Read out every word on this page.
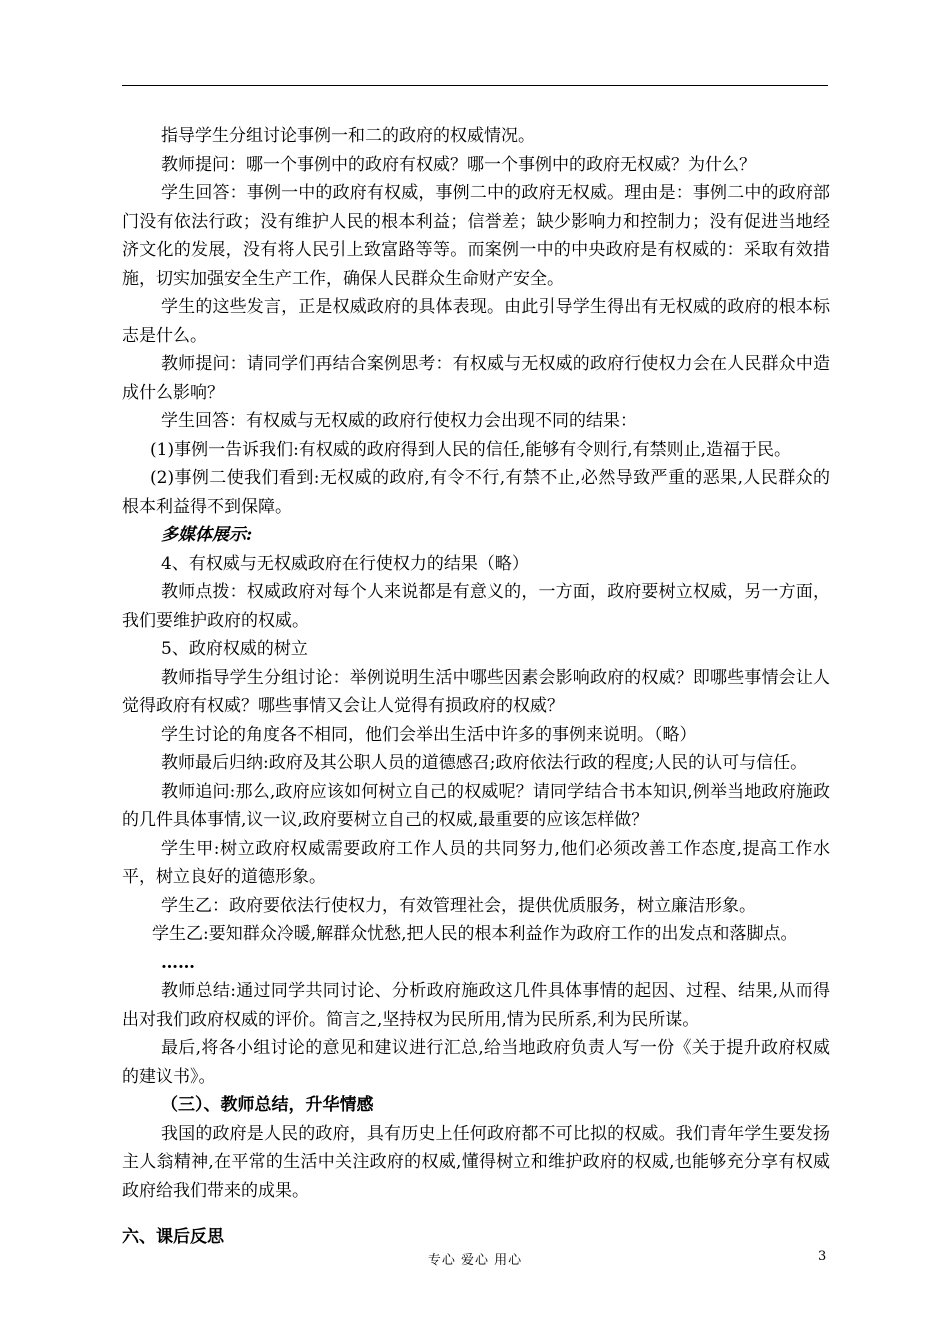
指导学生分组讨论事例一和二的政府的权威情况。

教师提问：哪一个事例中的政府有权威？哪一个事例中的政府无权威？为什么？

学生回答：事例一中的政府有权威，事例二中的政府无权威。理由是：事例二中的政府部门没有依法行政；没有维护人民的根本利益；信誉差；缺少影响力和控制力；没有促进当地经济文化的发展，没有将人民引上致富路等等。而案例一中的中央政府是有权威的：采取有效措施，切实加强安全生产工作，确保人民群众生命财产安全。

学生的这些发言，正是权威政府的具体表现。由此引导学生得出有无权威的政府的根本标志是什么。

教师提问：请同学们再结合案例思考：有权威与无权威的政府行使权力会在人民群众中造成什么影响？

学生回答：有权威与无权威的政府行使权力会出现不同的结果：

(1)事例一告诉我们:有权威的政府得到人民的信任,能够有令则行,有禁则止,造福于民。

(2)事例二使我们看到:无权威的政府,有令不行,有禁不止,必然导致严重的恶果,人民群众的根本利益得不到保障。

多媒体展示:

4、有权威与无权威政府在行使权力的结果（略）

教师点拨：权威政府对每个人来说都是有意义的，一方面，政府要树立权威，另一方面，我们要维护政府的权威。

5、政府权威的树立

教师指导学生分组讨论：举例说明生活中哪些因素会影响政府的权威？即哪些事情会让人觉得政府有权威？哪些事情又会让人觉得有损政府的权威？

学生讨论的角度各不相同，他们会举出生活中许多的事例来说明。（略）

教师最后归纳:政府及其公职人员的道德感召;政府依法行政的程度;人民的认可与信任。

教师追问:那么,政府应该如何树立自己的权威呢？请同学结合书本知识,例举当地政府施政的几件具体事情,议一议,政府要树立自己的权威,最重要的应该怎样做？

学生甲:树立政府权威需要政府工作人员的共同努力,他们必须改善工作态度,提高工作水平，树立良好的道德形象。

学生乙：政府要依法行使权力，有效管理社会，提供优质服务，树立廉洁形象。

学生乙:要知群众冷暖,解群众忧愁,把人民的根本利益作为政府工作的出发点和落脚点。

……

教师总结:通过同学共同讨论、分析政府施政这几件具体事情的起因、过程、结果,从而得出对我们政府权威的评价。简言之,坚持权为民所用,情为民所系,利为民所谋。

最后,将各小组讨论的意见和建议进行汇总,给当地政府负责人写一份《关于提升政府权威的建议书》。

（三）、教师总结，升华情感

我国的政府是人民的政府，具有历史上任何政府都不可比拟的权威。我们青年学生要发扬主人翁精神,在平常的生活中关注政府的权威,懂得树立和维护政府的权威,也能够充分享有权威政府给我们带来的成果。

六、课后反思

专心 爱心 用心	3
